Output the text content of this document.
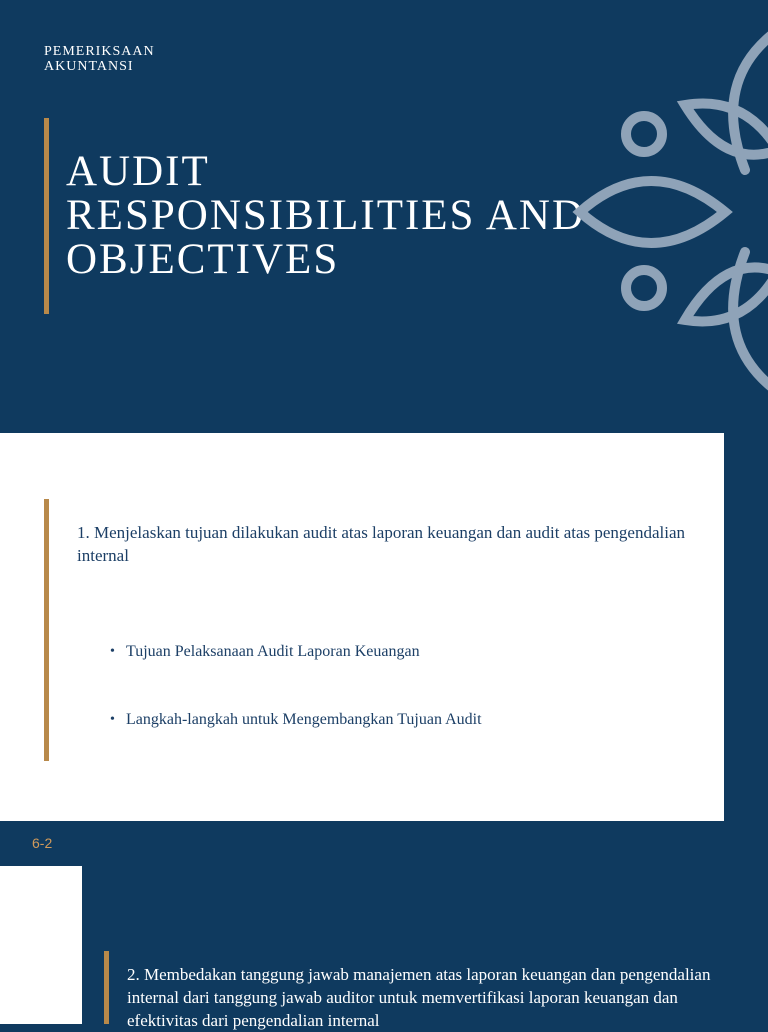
PEMERIKSAAN AKUNTANSI
AUDIT RESPONSIBILITIES AND OBJECTIVES
1. Menjelaskan tujuan dilakukan audit atas laporan keuangan dan audit atas pengendalian internal
• Tujuan Pelaksanaan Audit Laporan Keuangan
• Langkah-langkah untuk Mengembangkan Tujuan Audit
6-2
2. Membedakan tanggung jawab manajemen atas laporan keuangan dan pengendalian internal dari tanggung jawab auditor untuk memvertifikasi laporan keuangan dan efektivitas dari pengendalian internal
